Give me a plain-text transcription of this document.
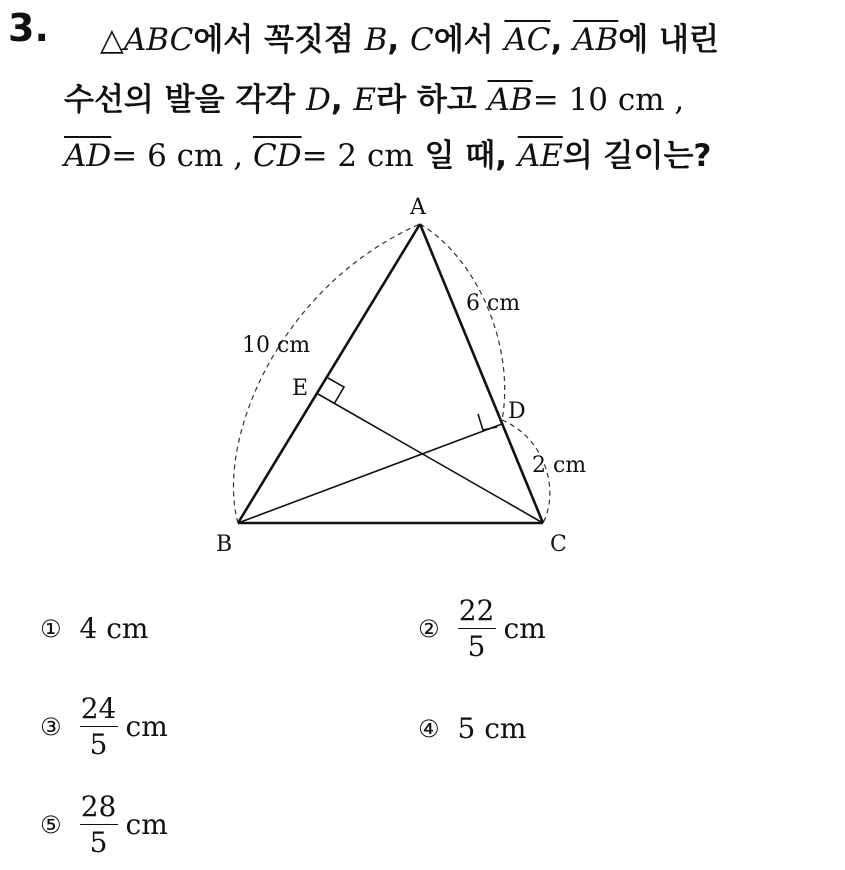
3. △ABC에서 꼭짓점 B, C에서 $\overline{AC}$, $\overline{AB}$에 내린
수선의 발을 각각 D, E라 하고 $\overline{AB}= 10$ cm ,
$\overline{AD}= 6$ cm , $\overline{CD}= 2$ cm 일 때, $\overline{AE}$의 길이는?
A
B	C
D
E
10 cm
6 cm
2 cm
① 4 cm	② $\frac{22}{5}$ cm
③ $\frac{24}{5}$ cm	④ 5 cm
⑤ $\frac{28}{5}$ cm
